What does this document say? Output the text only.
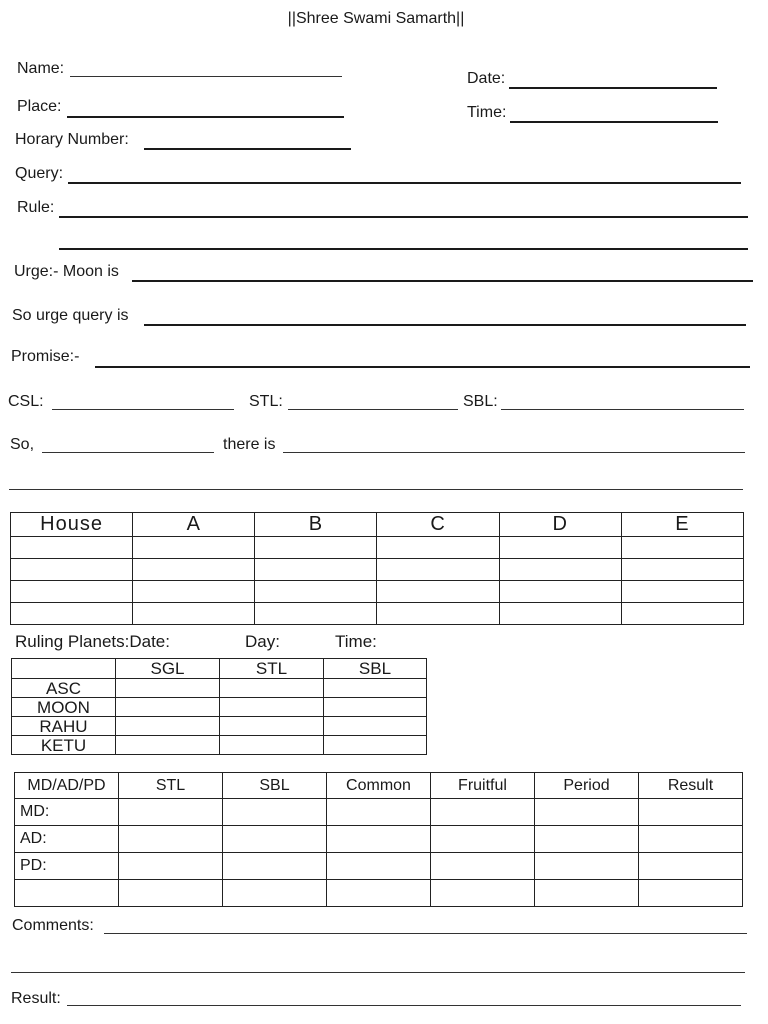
||Shree Swami Samarth||
Name:
Date:
Place:	Time:
Horary Number:
Query:
Rule:
Urge:- Moon is
So urge query is
Promise:-
CSL:	STL:	SBL:
So,	there is
House	A	B	C	D	E

Ruling Planets:Date:	Day:	Time:
	SGL	STL	SBL
ASC			
MOON			
RAHU			
KETU			
MD/AD/PD	STL	SBL	Common	Fruitful	Period	Result
MD:						
AD:						
PD:						

Comments:
Result:
